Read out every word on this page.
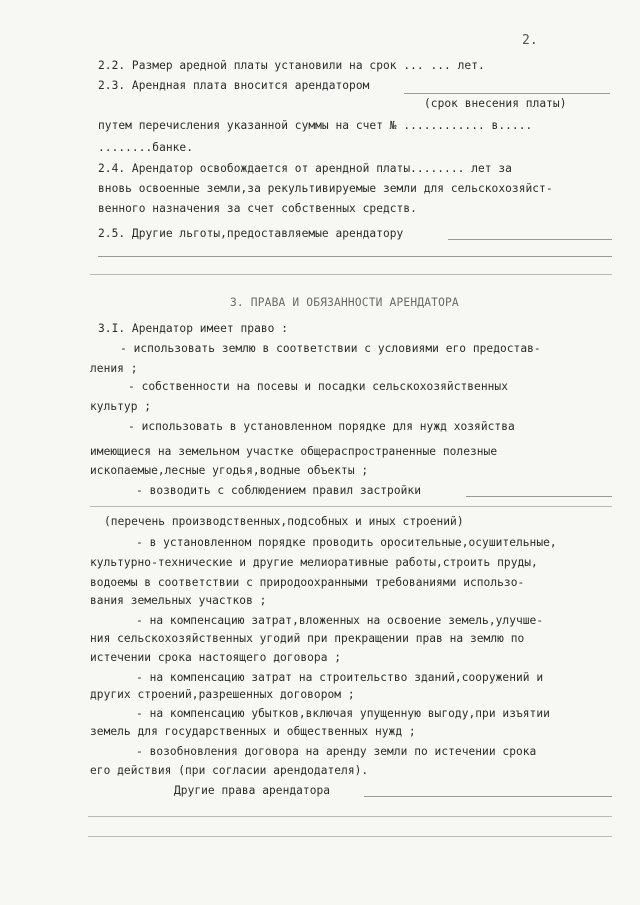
2.
2.2. Размер ареднoй платы установили на срок ... ... лет.
2.3. Арендная плата вносится арендатором
(срок внесения платы)
путем перечисления указанной суммы на счет № ............ в.....
........банке.
2.4. Арендатор освобождается от арендной платы........ лет за
вновь освоенные земли,за рекультивируемые земли для сельскохозяйст-
венного назначения за счет собственных средств.
2.5. Другие льготы,предоставляемые арендатору
3. ПРАВА И ОБЯЗАННОСТИ АРЕНДАТОРА
3.I. Арендатор имеет право :
- использовать землю в соответствии с условиями его предостав-
ления ;
- собственности на посевы и посадки сельскохозяйственных
культур ;
- использовать в установленном порядке для нужд хозяйства
имеющиеся на земельном участке общераспространенные полезные
ископаемые,лесные угодья,водные объекты ;
- возводить с соблюдением правил застройки
(перечень производственных,подсобных и иных строений)
- в установленном порядке проводить оросительные,осушительные,
культурно-технические и другие мелиоративные работы,строить пруды,
водоемы в соответствии с природоохранными требованиями использо-
вания земельных участков ;
- на компенсацию затрат,вложенных на освоение земель,улучше-
ния сельскохозяйственных угодий при прекращении прав на землю по
истечении срока настоящего договора ;
- на компенсацию затрат на строительство зданий,сооружений и
других строений,разрешенных договором ;
- на компенсацию убытков,включая упущенную выгоду,при изъятии
земель для государственных и общественных нужд ;
- возобновления договора на аренду земли по истечении срока
его действия (при согласии арендодателя).
Другие права арендатора
